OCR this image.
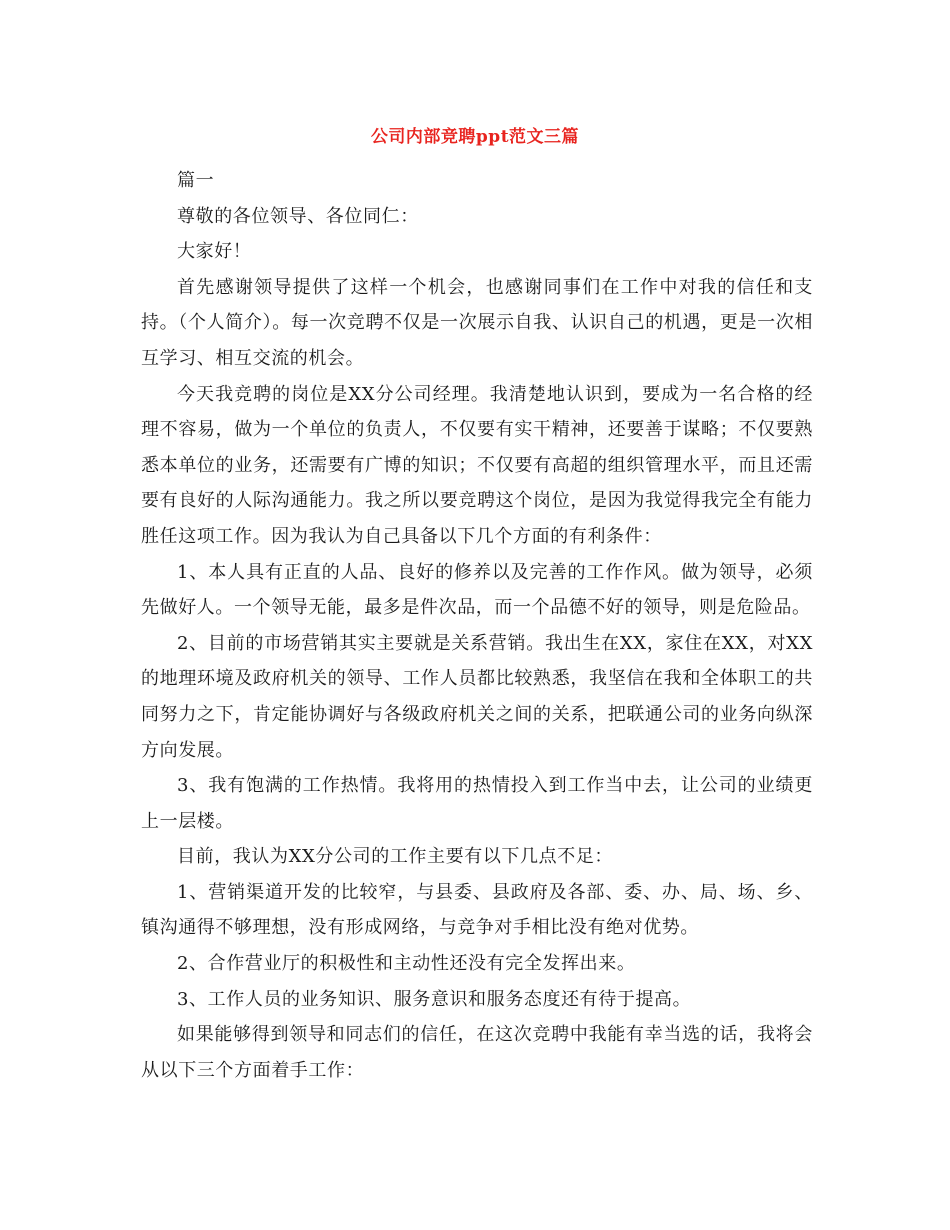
公司内部竞聘ppt范文三篇

篇一

尊敬的各位领导、各位同仁：

大家好！

首先感谢领导提供了这样一个机会，也感谢同事们在工作中对我的信任和支持。（个人简介）。每一次竞聘不仅是一次展示自我、认识自己的机遇，更是一次相互学习、相互交流的机会。

今天我竞聘的岗位是XX分公司经理。我清楚地认识到，要成为一名合格的经理不容易，做为一个单位的负责人，不仅要有实干精神，还要善于谋略；不仅要熟悉本单位的业务，还需要有广博的知识；不仅要有高超的组织管理水平，而且还需要有良好的人际沟通能力。我之所以要竞聘这个岗位，是因为我觉得我完全有能力胜任这项工作。因为我认为自己具备以下几个方面的有利条件：

1、本人具有正直的人品、良好的修养以及完善的工作作风。做为领导，必须先做好人。一个领导无能，最多是件次品，而一个品德不好的领导，则是危险品。

2、目前的市场营销其实主要就是关系营销。我出生在XX，家住在XX，对XX的地理环境及政府机关的领导、工作人员都比较熟悉，我坚信在我和全体职工的共同努力之下，肯定能协调好与各级政府机关之间的关系，把联通公司的业务向纵深方向发展。

3、我有饱满的工作热情。我将用的热情投入到工作当中去，让公司的业绩更上一层楼。

目前，我认为XX分公司的工作主要有以下几点不足：

1、营销渠道开发的比较窄，与县委、县政府及各部、委、办、局、场、乡、镇沟通得不够理想，没有形成网络，与竞争对手相比没有绝对优势。

2、合作营业厅的积极性和主动性还没有完全发挥出来。

3、工作人员的业务知识、服务意识和服务态度还有待于提高。

如果能够得到领导和同志们的信任，在这次竞聘中我能有幸当选的话，我将会从以下三个方面着手工作：
